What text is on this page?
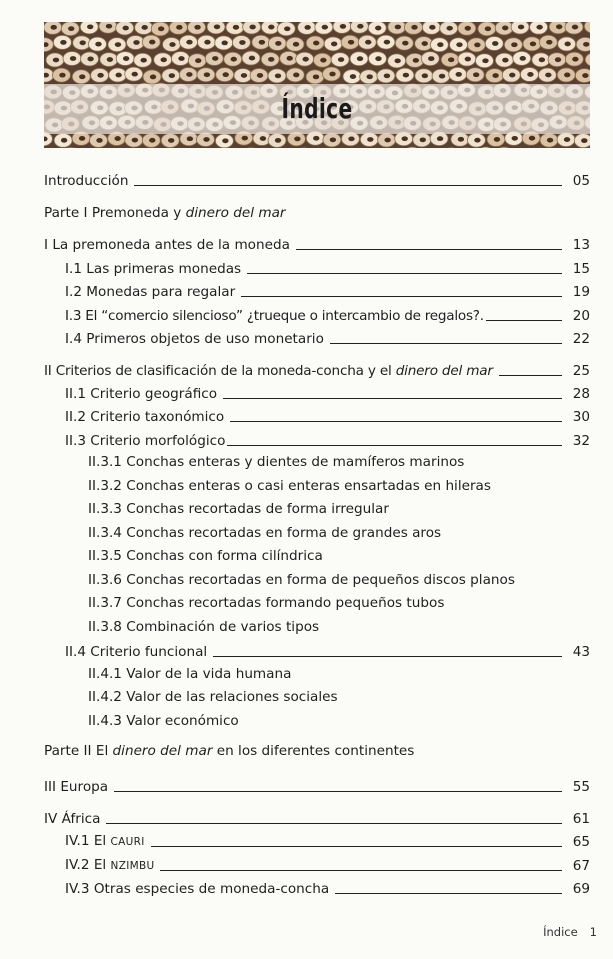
Índice
Introducción	05
Parte I Premoneda y dinero del mar
I La premoneda antes de la moneda	13
I.1 Las primeras monedas	15
I.2 Monedas para regalar	19
I.3 El “comercio silencioso” ¿trueque o intercambio de regalos?.	20
I.4 Primeros objetos de uso monetario	22
II Criterios de clasificación de la moneda-concha y el dinero del mar	25
II.1 Criterio geográfico	28
II.2 Criterio taxonómico	30
II.3 Criterio morfológico	32
II.3.1 Conchas enteras y dientes de mamíferos marinos
II.3.2 Conchas enteras o casi enteras ensartadas en hileras
II.3.3 Conchas recortadas de forma irregular
II.3.4 Conchas recortadas en forma de grandes aros
II.3.5 Conchas con forma cilíndrica
II.3.6 Conchas recortadas en forma de pequeños discos planos
II.3.7 Conchas recortadas formando pequeños tubos
II.3.8 Combinación de varios tipos
II.4 Criterio funcional	43
II.4.1 Valor de la vida humana
II.4.2 Valor de las relaciones sociales
II.4.3 Valor económico
Parte II El dinero del mar en los diferentes continentes
III Europa	55
IV África	61
IV.1 El CAURI	65
IV.2 El NZIMBU	67
IV.3 Otras especies de moneda-concha	69
Índice 1
